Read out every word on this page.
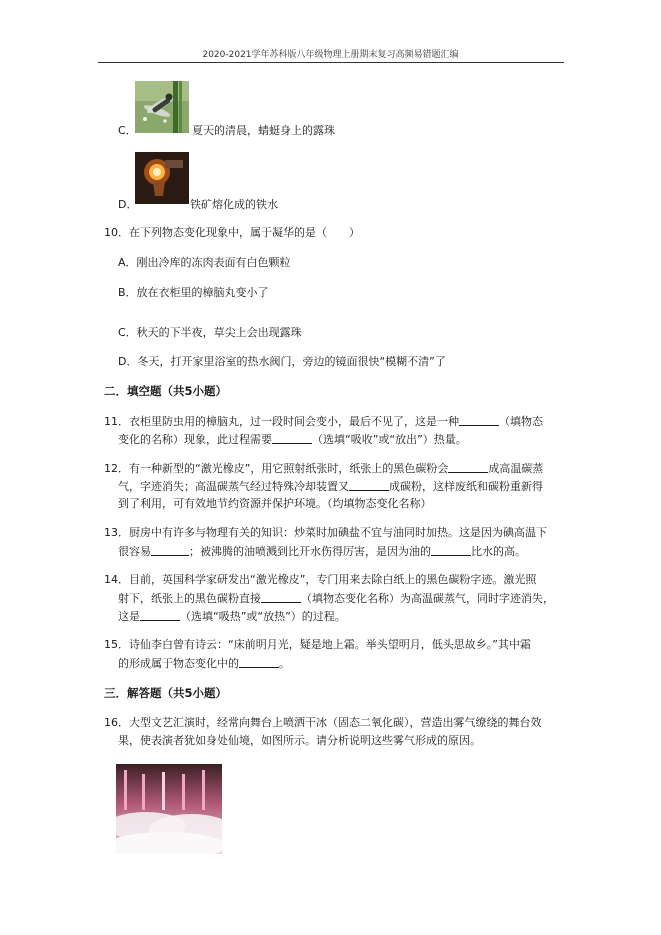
2020-2021学年苏科版八年级物理上册期末复习高频易错题汇编
C．	夏天的清晨，蜻蜓身上的露珠
D．	铁矿熔化成的铁水
10．在下列物态变化现象中，属于凝华的是（　　）
A．刚出冷库的冻肉表面有白色颗粒
B．放在衣柜里的樟脑丸变小了
C．秋天的下半夜，草尖上会出现露珠
D．冬天，打开家里浴室的热水阀门，旁边的镜面很快“模糊不清”了
二．填空题（共5小题）
11．衣柜里防虫用的樟脑丸，过一段时间会变小，最后不见了，这是一种	（填物态
变化的名称）现象，此过程需要	（选填“吸收”或“放出”）热量。
12．有一种新型的“激光橡皮”，用它照射纸张时，纸张上的黑色碳粉会	成高温碳蒸
气，字迹消失；高温碳蒸气经过特殊冷却装置又	成碳粉，这样废纸和碳粉重新得
到了利用，可有效地节约资源并保护环境。（均填物态变化名称）
13．厨房中有许多与物理有关的知识：炒菜时加碘盐不宜与油同时加热。这是因为碘高温下
很容易	；被沸腾的油喷溅到比开水伤得厉害，是因为油的	比水的高。
14．目前，英国科学家研发出“激光橡皮”，专门用来去除白纸上的黑色碳粉字迹。激光照
射下，纸张上的黑色碳粉直接	（填物态变化名称）为高温碳蒸气，同时字迹消失，
这是	（选填“吸热”或“放热”）的过程。
15．诗仙李白曾有诗云：“床前明月光，疑是地上霜。举头望明月，低头思故乡。”其中霜
的形成属于物态变化中的	。
三．解答题（共5小题）
16．大型文艺汇演时，经常向舞台上喷洒干冰（固态二氧化碳），营造出雾气缭绕的舞台效
果，使表演者犹如身处仙境，如图所示。请分析说明这些雾气形成的原因。
